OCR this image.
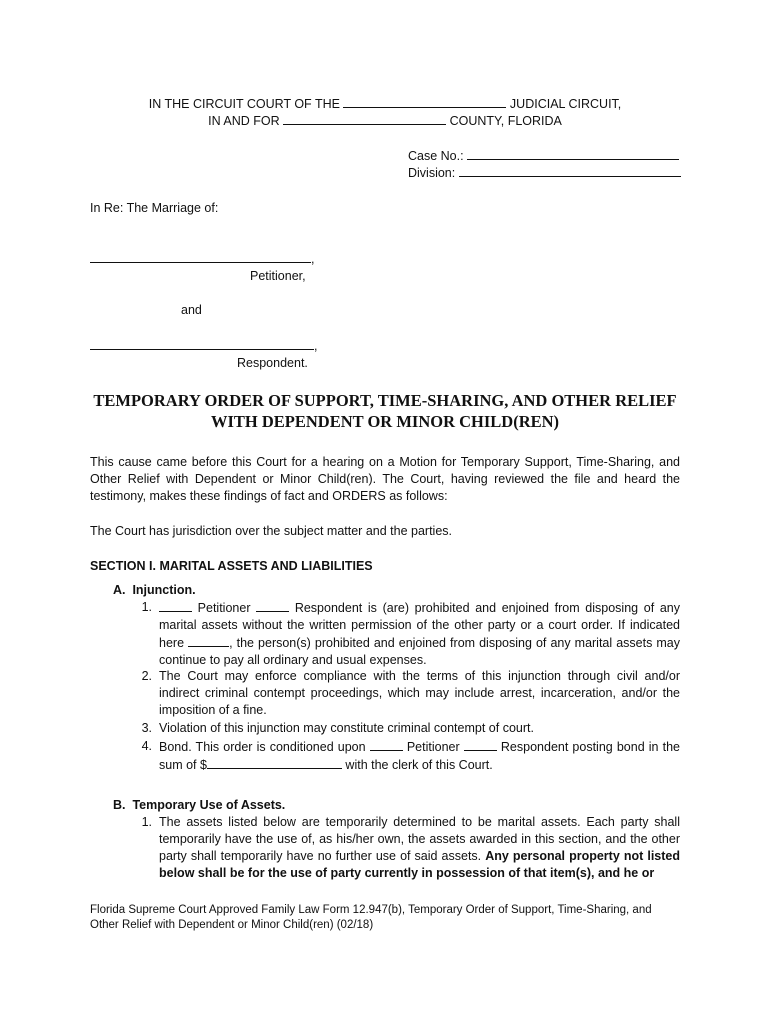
IN THE CIRCUIT COURT OF THE	JUDICIAL CIRCUIT,
IN AND FOR	COUNTY, FLORIDA
Case No.:
Division:
In Re: The Marriage of:
,
Petitioner,
and
,
Respondent.
TEMPORARY ORDER OF SUPPORT, TIME-SHARING, AND OTHER RELIEF
WITH DEPENDENT OR MINOR CHILD(REN)
This cause came before this Court for a hearing on a Motion for Temporary Support, Time-Sharing, and Other Relief with Dependent or Minor Child(ren). The Court, having reviewed the file and heard the testimony, makes these findings of fact and ORDERS as follows:
The Court has jurisdiction over the subject matter and the parties.
SECTION I. MARITAL ASSETS AND LIABILITIES
A. Injunction.
1.	Petitioner	Respondent is (are) prohibited and enjoined from disposing of any marital assets without the written permission of the other party or a court order. If indicated here	, the person(s) prohibited and enjoined from disposing of any marital assets may continue to pay all ordinary and usual expenses.
2. The Court may enforce compliance with the terms of this injunction through civil and/or indirect criminal contempt proceedings, which may include arrest, incarceration, and/or the imposition of a fine.
3. Violation of this injunction may constitute criminal contempt of court.
4. Bond. This order is conditioned upon	Petitioner	Respondent posting bond in the sum of $	with the clerk of this Court.
B. Temporary Use of Assets.
1. The assets listed below are temporarily determined to be marital assets. Each party shall temporarily have the use of, as his/her own, the assets awarded in this section, and the other party shall temporarily have no further use of said assets. Any personal property not listed below shall be for the use of party currently in possession of that item(s), and he or
Florida Supreme Court Approved Family Law Form 12.947(b), Temporary Order of Support, Time-Sharing, and
Other Relief with Dependent or Minor Child(ren) (02/18)
